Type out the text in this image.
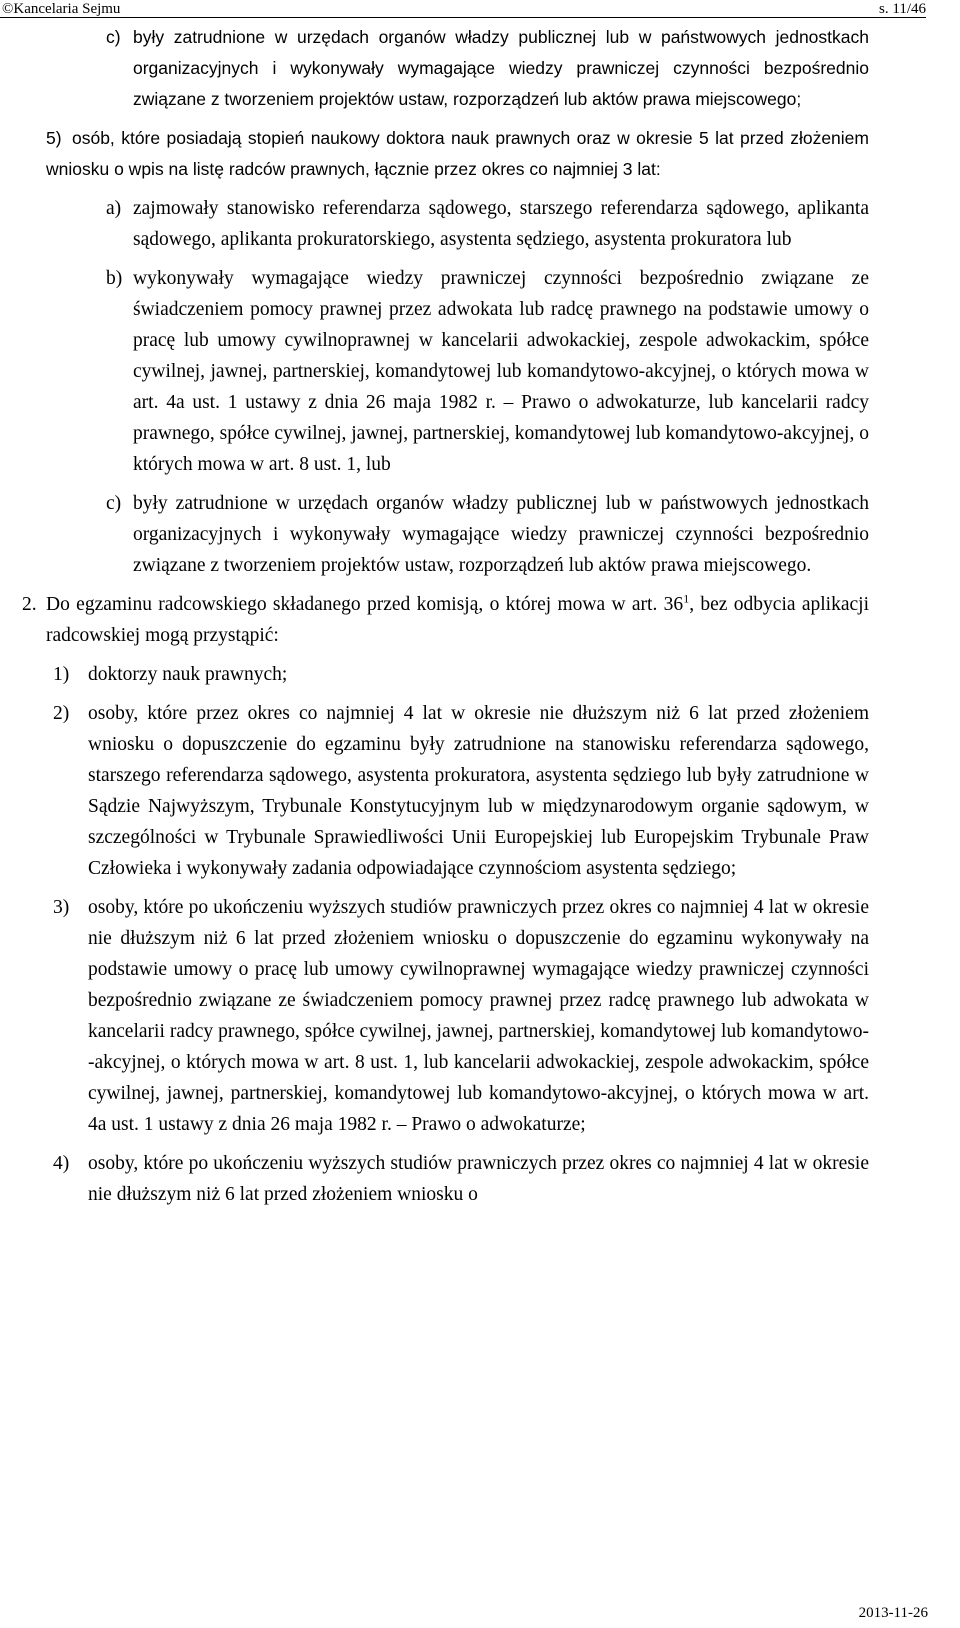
©Kancelaria Sejmu	s. 11/46
c) były zatrudnione w urzędach organów władzy publicznej lub w państwowych jednostkach organizacyjnych i wykonywały wymagające wiedzy prawniczej czynności bezpośrednio związane z tworzeniem projektów ustaw, rozporządzeń lub aktów prawa miejscowego;
5) osób, które posiadają stopień naukowy doktora nauk prawnych oraz w okresie 5 lat przed złożeniem wniosku o wpis na listę radców prawnych, łącznie przez okres co najmniej 3 lat:
a) zajmowały stanowisko referendarza sądowego, starszego referendarza sądowego, aplikanta sądowego, aplikanta prokuratorskiego, asystenta sędziego, asystenta prokuratora lub
b) wykonywały wymagające wiedzy prawniczej czynności bezpośrednio związane ze świadczeniem pomocy prawnej przez adwokata lub radcę prawnego na podstawie umowy o pracę lub umowy cywilnoprawnej w kancelarii adwokackiej, zespole adwokackim, spółce cywilnej, jawnej, partnerskiej, komandytowej lub komandytowo-akcyjnej, o których mowa w art. 4a ust. 1 ustawy z dnia 26 maja 1982 r. – Prawo o adwokaturze, lub kancelarii radcy prawnego, spółce cywilnej, jawnej, partnerskiej, komandytowej lub komandytowo-akcyjnej, o których mowa w art. 8 ust. 1, lub
c) były zatrudnione w urzędach organów władzy publicznej lub w państwowych jednostkach organizacyjnych i wykonywały wymagające wiedzy prawniczej czynności bezpośrednio związane z tworzeniem projektów ustaw, rozporządzeń lub aktów prawa miejscowego.
2. Do egzaminu radcowskiego składanego przed komisją, o której mowa w art. $36^1$, bez odbycia aplikacji radcowskiej mogą przystąpić:
1) doktorzy nauk prawnych;
2) osoby, które przez okres co najmniej 4 lat w okresie nie dłuższym niż 6 lat przed złożeniem wniosku o dopuszczenie do egzaminu były zatrudnione na stanowisku referendarza sądowego, starszego referendarza sądowego, asystenta prokuratora, asystenta sędziego lub były zatrudnione w Sądzie Najwyższym, Trybunale Konstytucyjnym lub w międzynarodowym organie sądowym, w szczególności w Trybunale Sprawiedliwości Unii Europejskiej lub Europejskim Trybunale Praw Człowieka i wykonywały zadania odpowiadające czynnościom asystenta sędziego;
3) osoby, które po ukończeniu wyższych studiów prawniczych przez okres co najmniej 4 lat w okresie nie dłuższym niż 6 lat przed złożeniem wniosku o dopuszczenie do egzaminu wykonywały na podstawie umowy o pracę lub umowy cywilnoprawnej wymagające wiedzy prawniczej czynności bezpośrednio związane ze świadczeniem pomocy prawnej przez radcę prawnego lub adwokata w kancelarii radcy prawnego, spółce cywilnej, jawnej, partnerskiej, komandytowej lub komandytowo- -akcyjnej, o których mowa w art. 8 ust. 1, lub kancelarii adwokackiej, zespole adwokackim, spółce cywilnej, jawnej, partnerskiej, komandytowej lub komandytowo-akcyjnej, o których mowa w art. 4a ust. 1 ustawy z dnia 26 maja 1982 r. – Prawo o adwokaturze;
4) osoby, które po ukończeniu wyższych studiów prawniczych przez okres co najmniej 4 lat w okresie nie dłuższym niż 6 lat przed złożeniem wniosku o
2013-11-26
